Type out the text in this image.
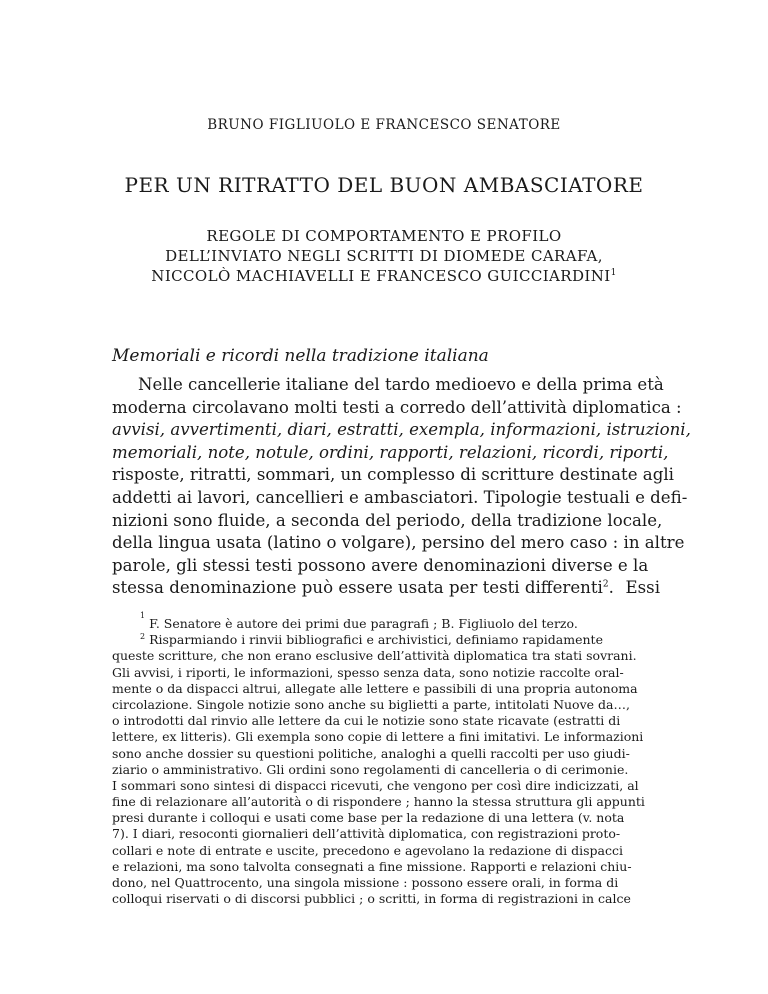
BRUNO FIGLIUOLO E FRANCESCO SENATORE
PER UN RITRATTO DEL BUON AMBASCIATORE
REGOLE DI COMPORTAMENTO E PROFILO
DELL’INVIATO NEGLI SCRITTI DI DIOMEDE CARAFA,
NICCOLÒ MACHIAVELLI E FRANCESCO GUICCIARDINI$^1$
Memoriali e ricordi nella tradizione italiana
Nelle cancellerie italiane del tardo medioevo e della prima età
moderna circolavano molti testi a corredo dell’attività diplomatica :
avvisi, avvertimenti, diari, estratti, exempla, informazioni, istruzioni,
memoriali, note, notule, ordini, rapporti, relazioni, ricordi, riporti,
risposte, ritratti, sommari, un complesso di scritture destinate agli
addetti ai lavori, cancellieri e ambasciatori. Tipologie testuali e defi-
nizioni sono fluide, a seconda del periodo, della tradizione locale,
della lingua usata (latino o volgare), persino del mero caso : in altre
parole, gli stessi testi possono avere denominazioni diverse e la
stessa denominazione può essere usata per testi differenti$^2$. Essi
1
F. Senatore è autore dei primi due paragrafi ; B. Figliuolo del terzo.
$^2$ Risparmiando i rinvii bibliografici e archivistici, definiamo rapidamente
queste scritture, che non erano esclusive dell’attività diplomatica tra stati sovrani.
Gli avvisi, i riporti, le informazioni, spesso senza data, sono notizie raccolte oral-
mente o da dispacci altrui, allegate alle lettere e passibili di una propria autonoma
circolazione. Singole notizie sono anche su biglietti a parte, intitolati Nuove da…,
o introdotti dal rinvio alle lettere da cui le notizie sono state ricavate (estratti di
lettere, ex litteris). Gli exempla sono copie di lettere a fini imitativi. Le informazioni
sono anche dossier su questioni politiche, analoghi a quelli raccolti per uso giudi-
ziario o amministrativo. Gli ordini sono regolamenti di cancelleria o di cerimonie.
I sommari sono sintesi di dispacci ricevuti, che vengono per così dire indicizzati, al
fine di relazionare all’autorità o di rispondere ; hanno la stessa struttura gli appunti
presi durante i colloqui e usati come base per la redazione di una lettera (v. nota
7). I diari, resoconti giornalieri dell’attività diplomatica, con registrazioni proto-
collari e note di entrate e uscite, precedono e agevolano la redazione di dispacci
e relazioni, ma sono talvolta consegnati a fine missione. Rapporti e relazioni chiu-
dono, nel Quattrocento, una singola missione : possono essere orali, in forma di
colloqui riservati o di discorsi pubblici ; o scritti, in forma di registrazioni in calce
